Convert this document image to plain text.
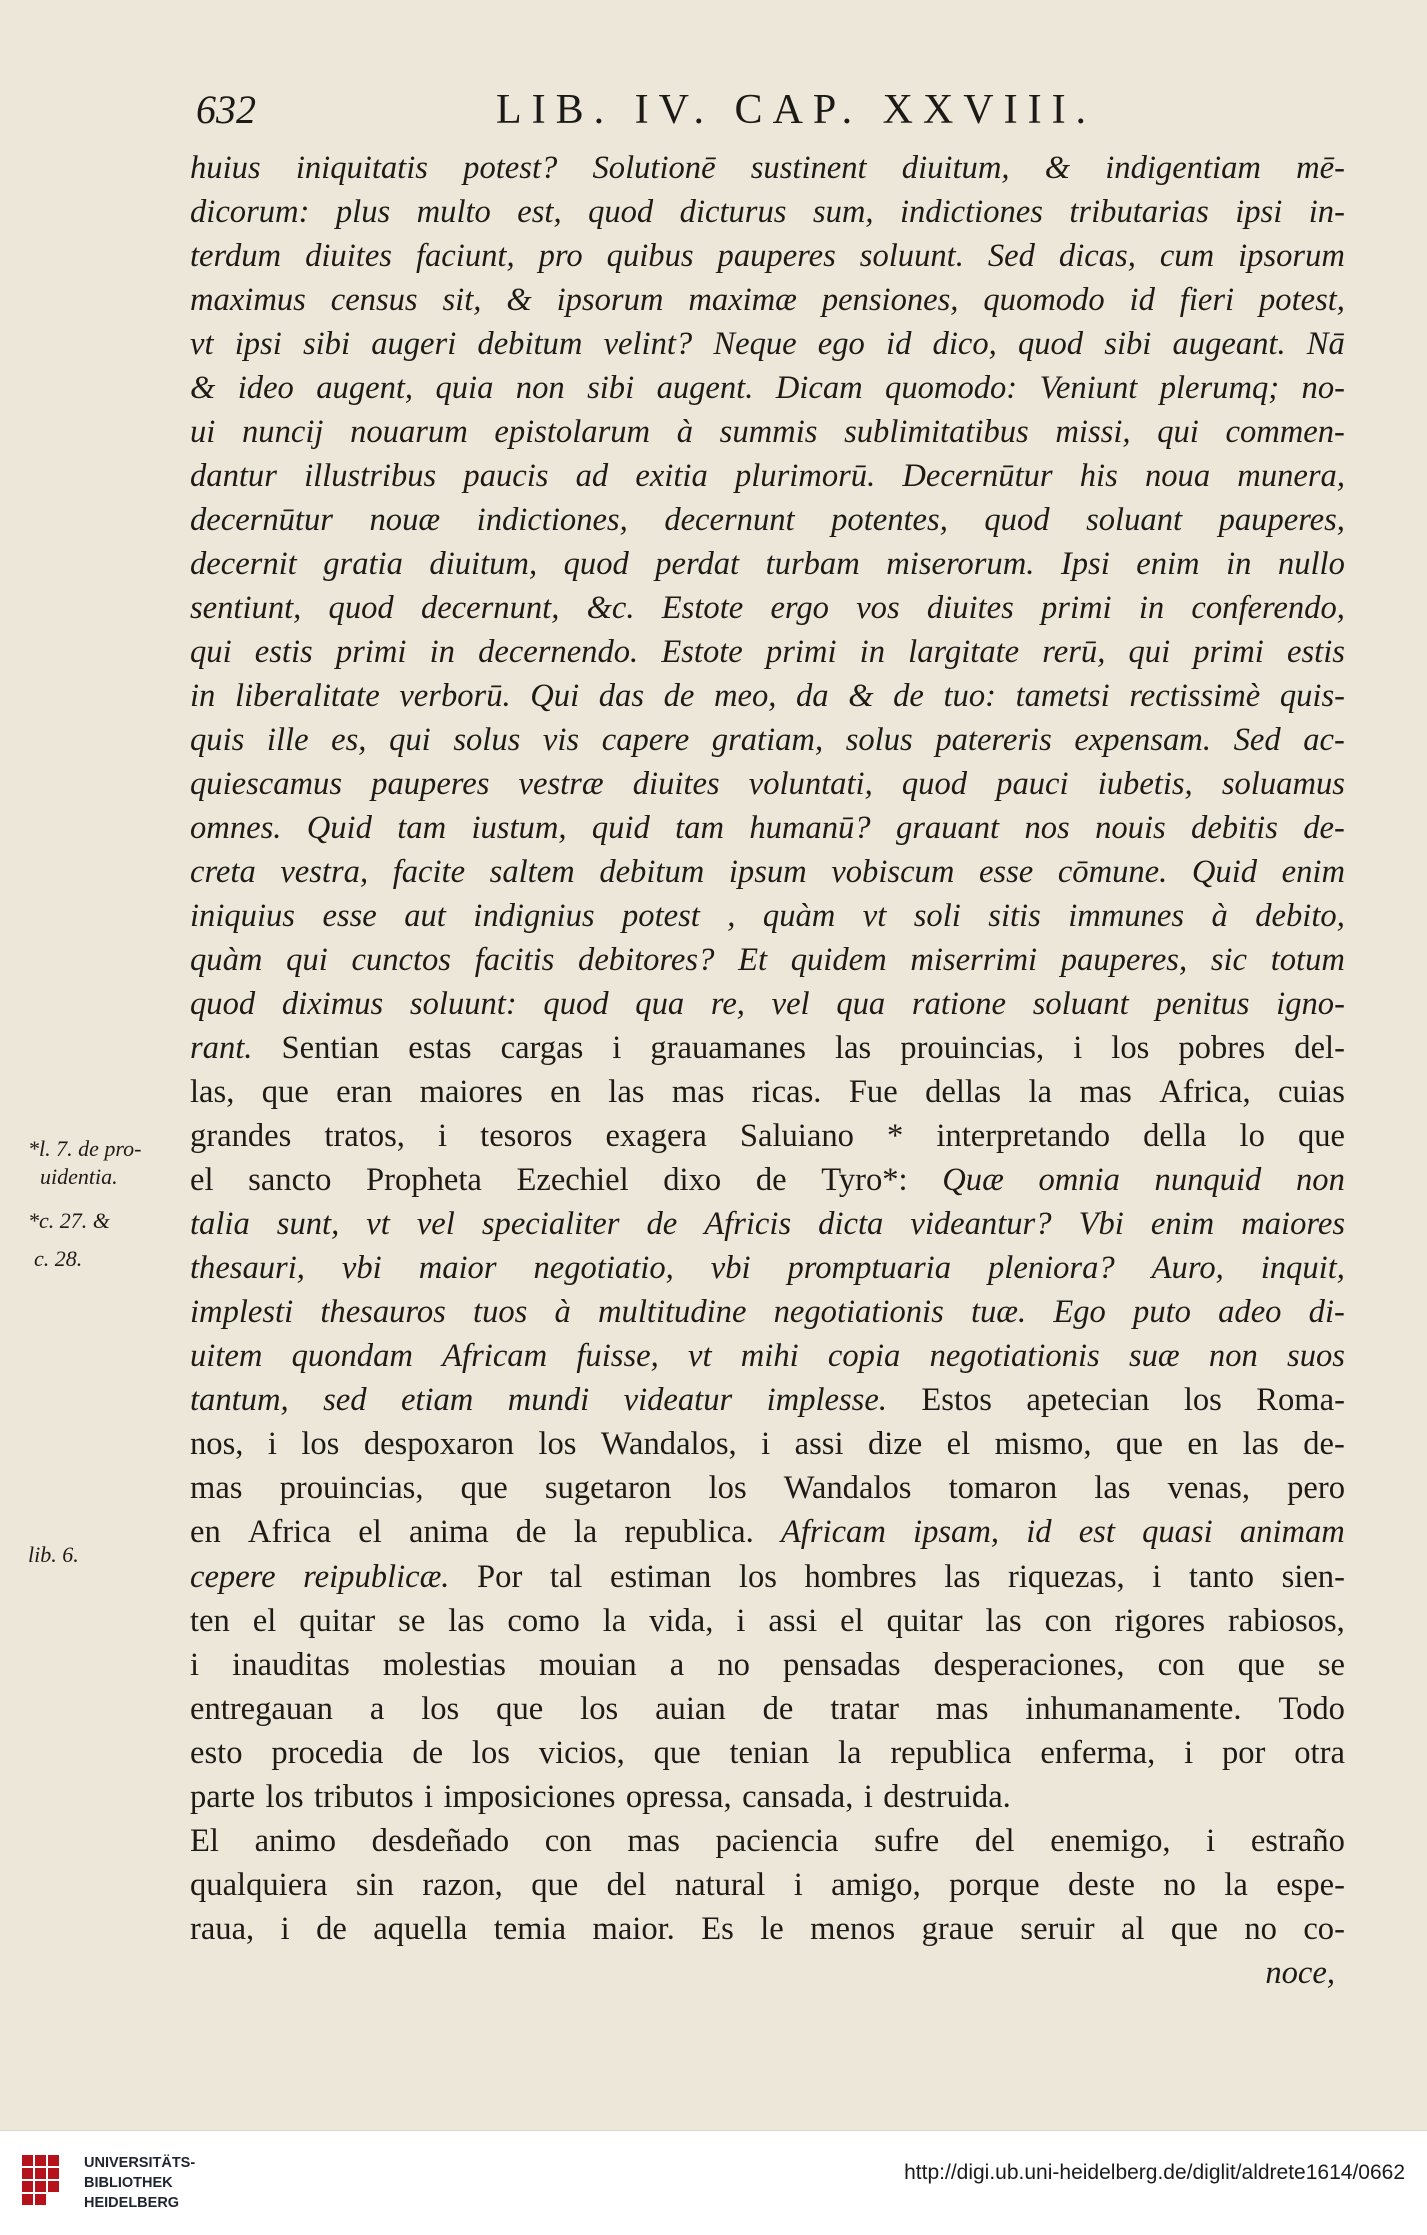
632	LIB. IV. CAP. XXVIII.
*l. 7. de pro-
uidentia.
*c. 27. &
c. 28.
lib. 6.
huius iniquitatis potest? Solutionē sustinent diuitum, & indigentiam mē-
dicorum: plus multo est, quod dicturus sum, indictiones tributarias ipsi in-
terdum diuites faciunt, pro quibus pauperes soluunt. Sed dicas, cum ipsorum
maximus census sit, & ipsorum maximæ pensiones, quomodo id fieri potest,
vt ipsi sibi augeri debitum velint? Neque ego id dico, quod sibi augeant. Nā
& ideo augent, quia non sibi augent. Dicam quomodo: Veniunt plerumq; no-
ui nuncij nouarum epistolarum à summis sublimitatibus missi, qui commen-
dantur illustribus paucis ad exitia plurimorū. Decernūtur his noua munera,
decernūtur nouæ indictiones, decernunt potentes, quod soluant pauperes,
decernit gratia diuitum, quod perdat turbam miserorum. Ipsi enim in nullo
sentiunt, quod decernunt, &c. Estote ergo vos diuites primi in conferendo,
qui estis primi in decernendo. Estote primi in largitate rerū, qui primi estis
in liberalitate verborū. Qui das de meo, da & de tuo: tametsi rectissimè quis-
quis ille es, qui solus vis capere gratiam, solus patereris expensam. Sed ac-
quiescamus pauperes vestræ diuites voluntati, quod pauci iubetis, soluamus
omnes. Quid tam iustum, quid tam humanū? grauant nos nouis debitis de-
creta vestra, facite saltem debitum ipsum vobiscum esse cōmune. Quid enim
iniquius esse aut indignius potest , quàm vt soli sitis immunes à debito,
quàm qui cunctos facitis debitores? Et quidem miserrimi pauperes, sic totum
quod diximus soluunt: quod qua re, vel qua ratione soluant penitus igno-
rant. Sentian estas cargas i grauamanes las prouincias, i los pobres del-
las, que eran maiores en las mas ricas. Fue dellas la mas Africa, cuias
grandes tratos, i tesoros exagera Saluiano * interpretando della lo que
el sancto Propheta Ezechiel dixo de Tyro*: Quæ omnia nunquid non
talia sunt, vt vel specialiter de Africis dicta videantur? Vbi enim maiores
thesauri, vbi maior negotiatio, vbi promptuaria pleniora? Auro, inquit,
implesti thesauros tuos à multitudine negotiationis tuæ. Ego puto adeo di-
uitem quondam Africam fuisse, vt mihi copia negotiationis suæ non suos
tantum, sed etiam mundi videatur implesse. Estos apetecian los Roma-
nos, i los despoxaron los Wandalos, i assi dize el mismo, que en las de-
mas prouincias, que sugetaron los Wandalos tomaron las venas, pero
en Africa el anima de la republica. Africam ipsam, id est quasi animam
cepere reipublicæ. Por tal estiman los hombres las riquezas, i tanto sien-
ten el quitar se las como la vida, i assi el quitar las con rigores rabiosos,
i inauditas molestias mouian a no pensadas desperaciones, con que se
entregauan a los que los auian de tratar mas inhumanamente. Todo
esto procedia de los vicios, que tenian la republica enferma, i por otra
parte los tributos i imposiciones opressa, cansada, i destruida.
El animo desdeñado con mas paciencia sufre del enemigo, i estraño
qualquiera sin razon, que del natural i amigo, porque deste no la espe-
raua, i de aquella temia maior. Es le menos graue seruir al que no co-
noce,
UNIVERSITÄTS-
BIBLIOTHEK
HEIDELBERG
http://digi.ub.uni-heidelberg.de/diglit/aldrete1614/0662
